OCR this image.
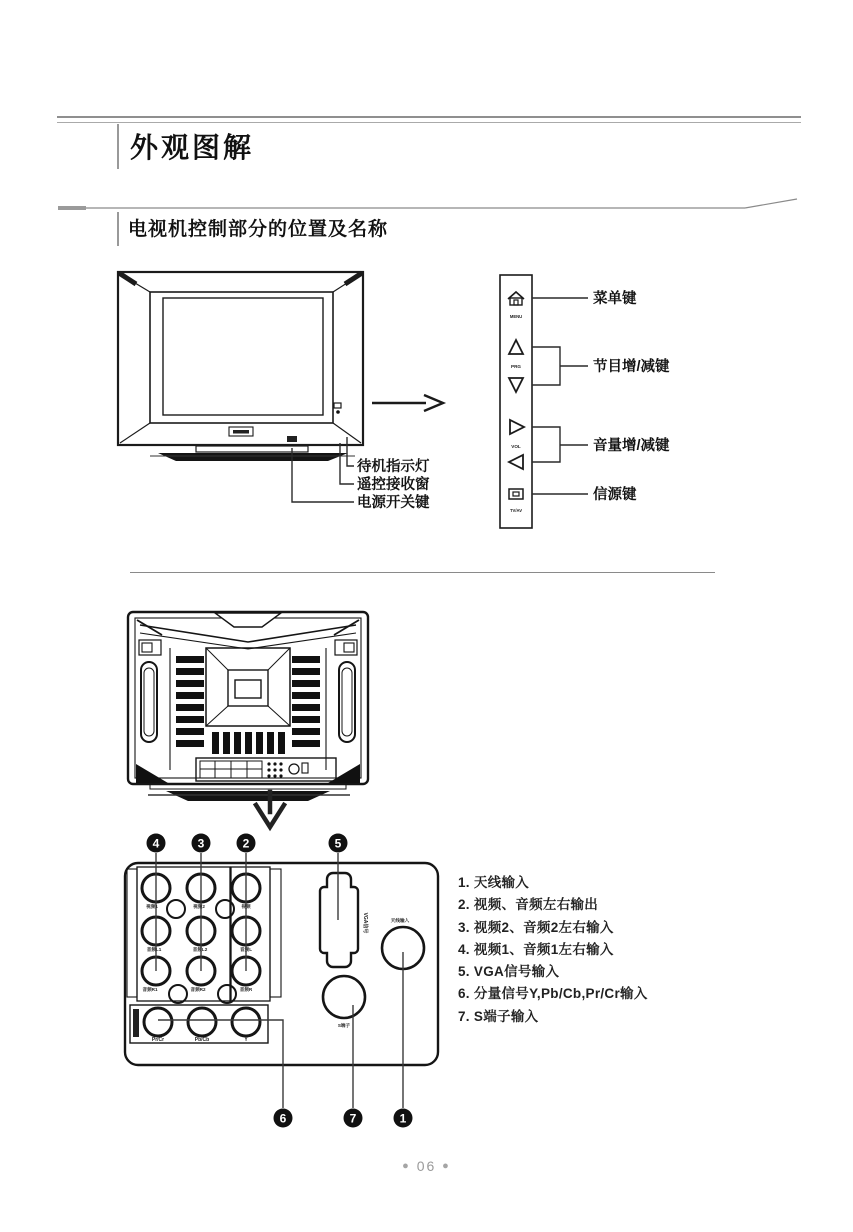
外观图解
电视机控制部分的位置及名称
待机指示灯
遥控接收窗
电源开关键
MENU
PRG
VOL
TV/AV
菜单键
节目增/减键
音量增/减键
信源键
视频1	视频2	视频
音频L1	音频L2	音频L
音频R1	音频R2	音频R
Pr/Cr	Pb/Cb	Y
VGA信号	天线输入
S端子
4	3	2	5
6	7	1
1. 天线输入
2. 视频、音频左右输出
3. 视频2、音频2左右输入
4. 视频1、音频1左右输入
5. VGA信号输入
6. 分量信号Y,Pb/Cb,Pr/Cr输入
7. S端子输入
● 06 ●
